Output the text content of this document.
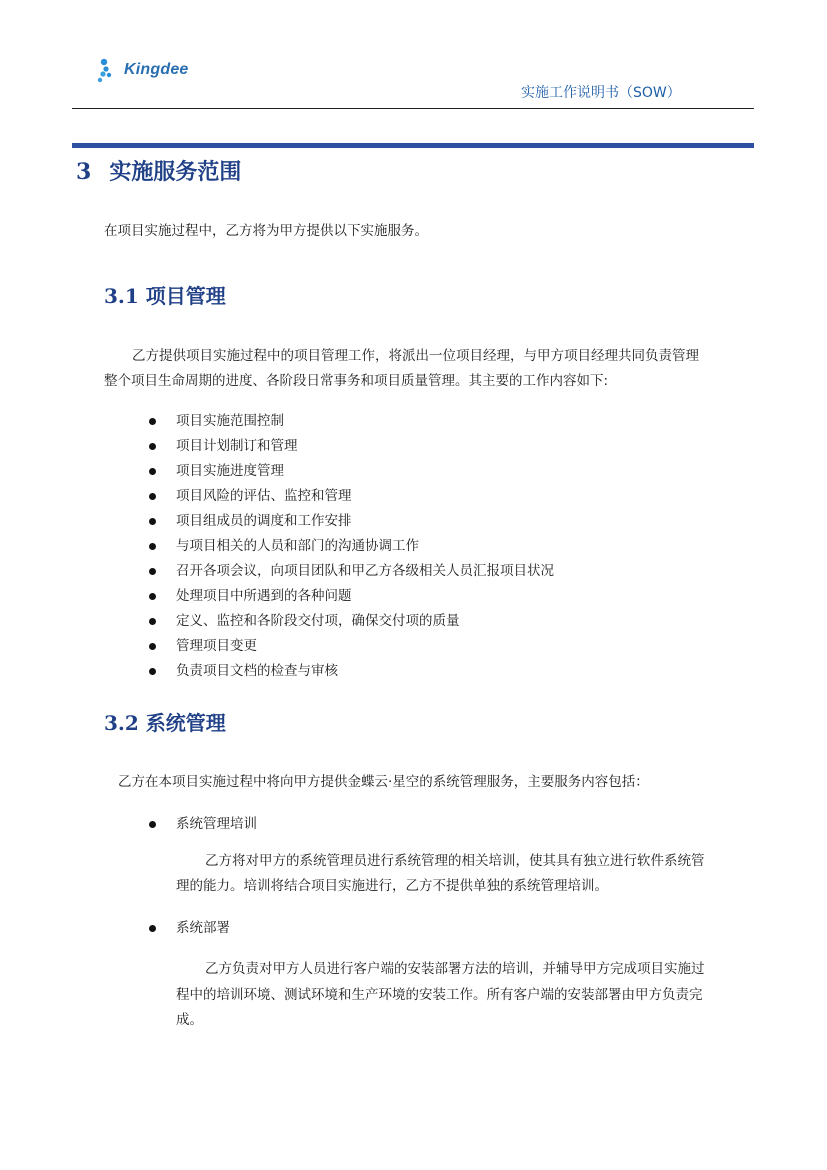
Kingdee
实施工作说明书（SOW）
3 实施服务范围
在项目实施过程中，乙方将为甲方提供以下实施服务。
3.1 项目管理
乙方提供项目实施过程中的项目管理工作，将派出一位项目经理，与甲方项目经理共同负责管理
整个项目生命周期的进度、各阶段日常事务和项目质量管理。其主要的工作内容如下:
项目实施范围控制
项目计划制订和管理
项目实施进度管理
项目风险的评估、监控和管理
项目组成员的调度和工作安排
与项目相关的人员和部门的沟通协调工作
召开各项会议，向项目团队和甲乙方各级相关人员汇报项目状况
处理项目中所遇到的各种问题
定义、监控和各阶段交付项，确保交付项的质量
管理项目变更
负责项目文档的检查与审核
3.2 系统管理
乙方在本项目实施过程中将向甲方提供金蝶云·星空的系统管理服务，主要服务内容包括：
系统管理培训
乙方将对甲方的系统管理员进行系统管理的相关培训，使其具有独立进行软件系统管
理的能力。培训将结合项目实施进行，乙方不提供单独的系统管理培训。
系统部署
乙方负责对甲方人员进行客户端的安装部署方法的培训，并辅导甲方完成项目实施过
程中的培训环境、测试环境和生产环境的安装工作。所有客户端的安装部署由甲方负责完
成。
